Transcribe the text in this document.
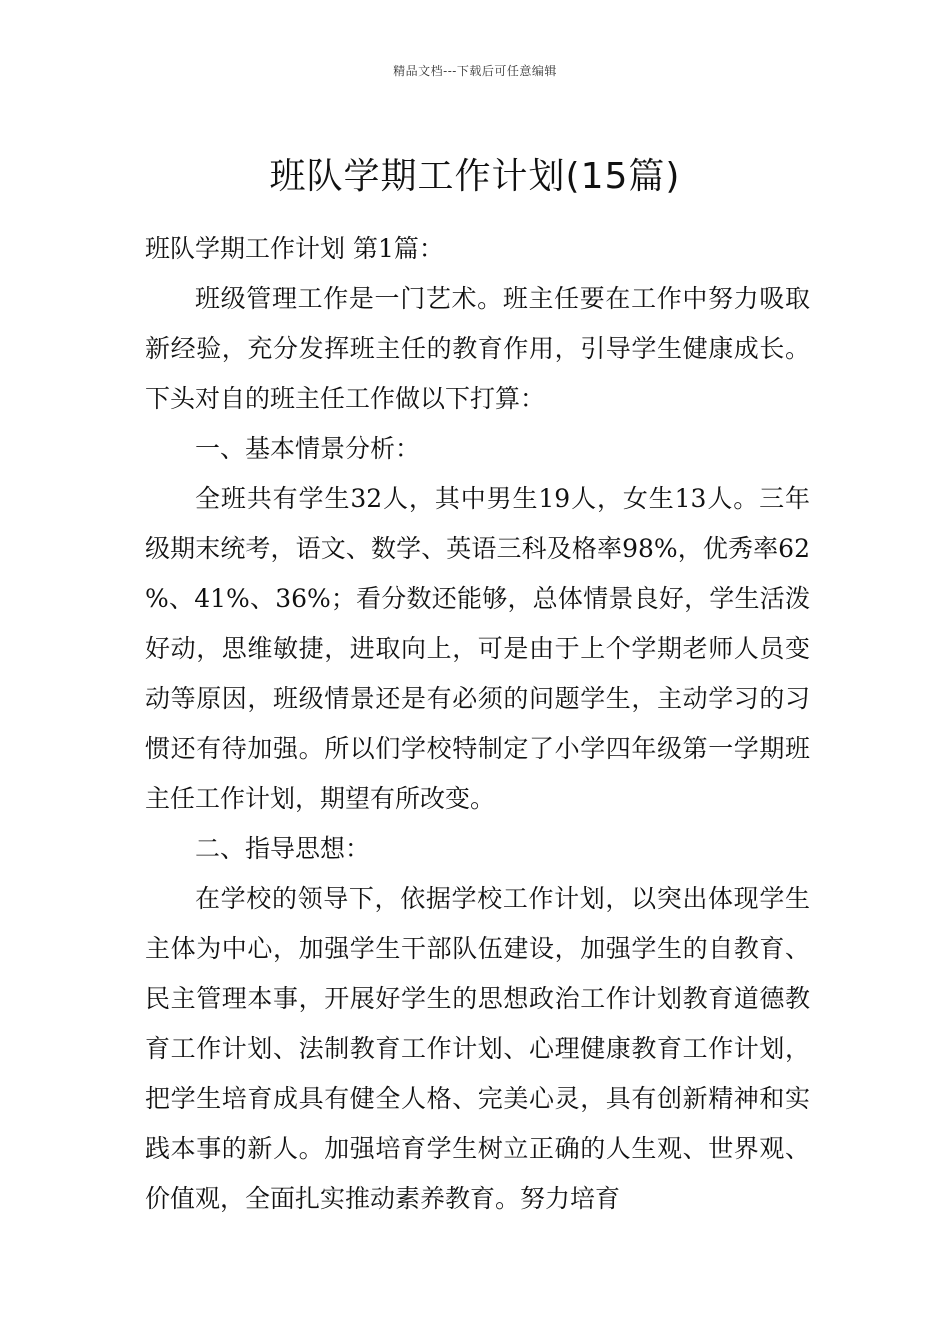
精品文档---下载后可任意编辑
班队学期工作计划(15篇)

班队学期工作计划 第1篇：

班级管理工作是一门艺术。班主任要在工作中努力吸取新经验，充分发挥班主任的教育作用，引导学生健康成长。下头对自的班主任工作做以下打算：

一、基本情景分析：

全班共有学生32人，其中男生19人，女生13人。三年级期末统考，语文、数学、英语三科及格率98%，优秀率62%、41%、36%；看分数还能够，总体情景良好，学生活泼好动，思维敏捷，进取向上，可是由于上个学期老师人员变动等原因，班级情景还是有必须的问题学生，主动学习的习惯还有待加强。所以们学校特制定了小学四年级第一学期班主任工作计划，期望有所改变。

二、指导思想：

在学校的领导下，依据学校工作计划，以突出体现学生主体为中心，加强学生干部队伍建设，加强学生的自教育、民主管理本事，开展好学生的思想政治工作计划教育道德教育工作计划、法制教育工作计划、心理健康教育工作计划，把学生培育成具有健全人格、完美心灵，具有创新精神和实践本事的新人。加强培育学生树立正确的人生观、世界观、价值观，全面扎实推动素养教育。努力培育
